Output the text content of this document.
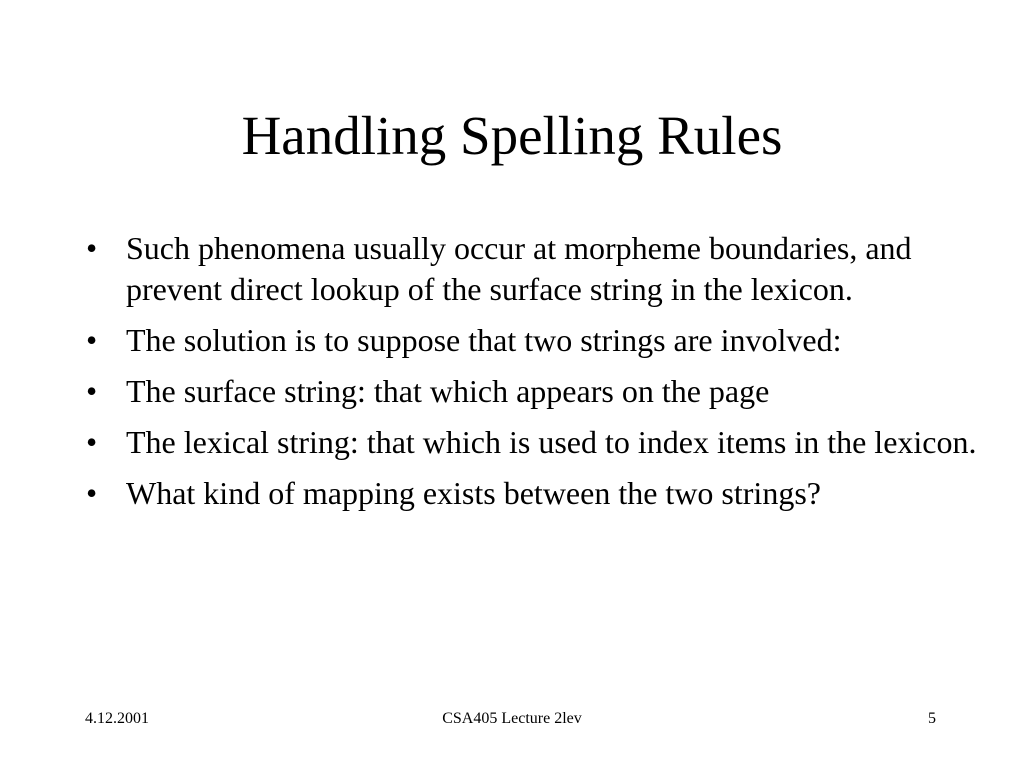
Handling Spelling Rules
• Such phenomena usually occur at morpheme boundaries, and prevent direct lookup of the surface string in the lexicon.
• The solution is to suppose that two strings are involved:
• The surface string: that which appears on the page
• The lexical string: that which is used to index items in the lexicon.
• What kind of mapping exists between the two strings?
4.12.2001	CSA405 Lecture 2lev	5
